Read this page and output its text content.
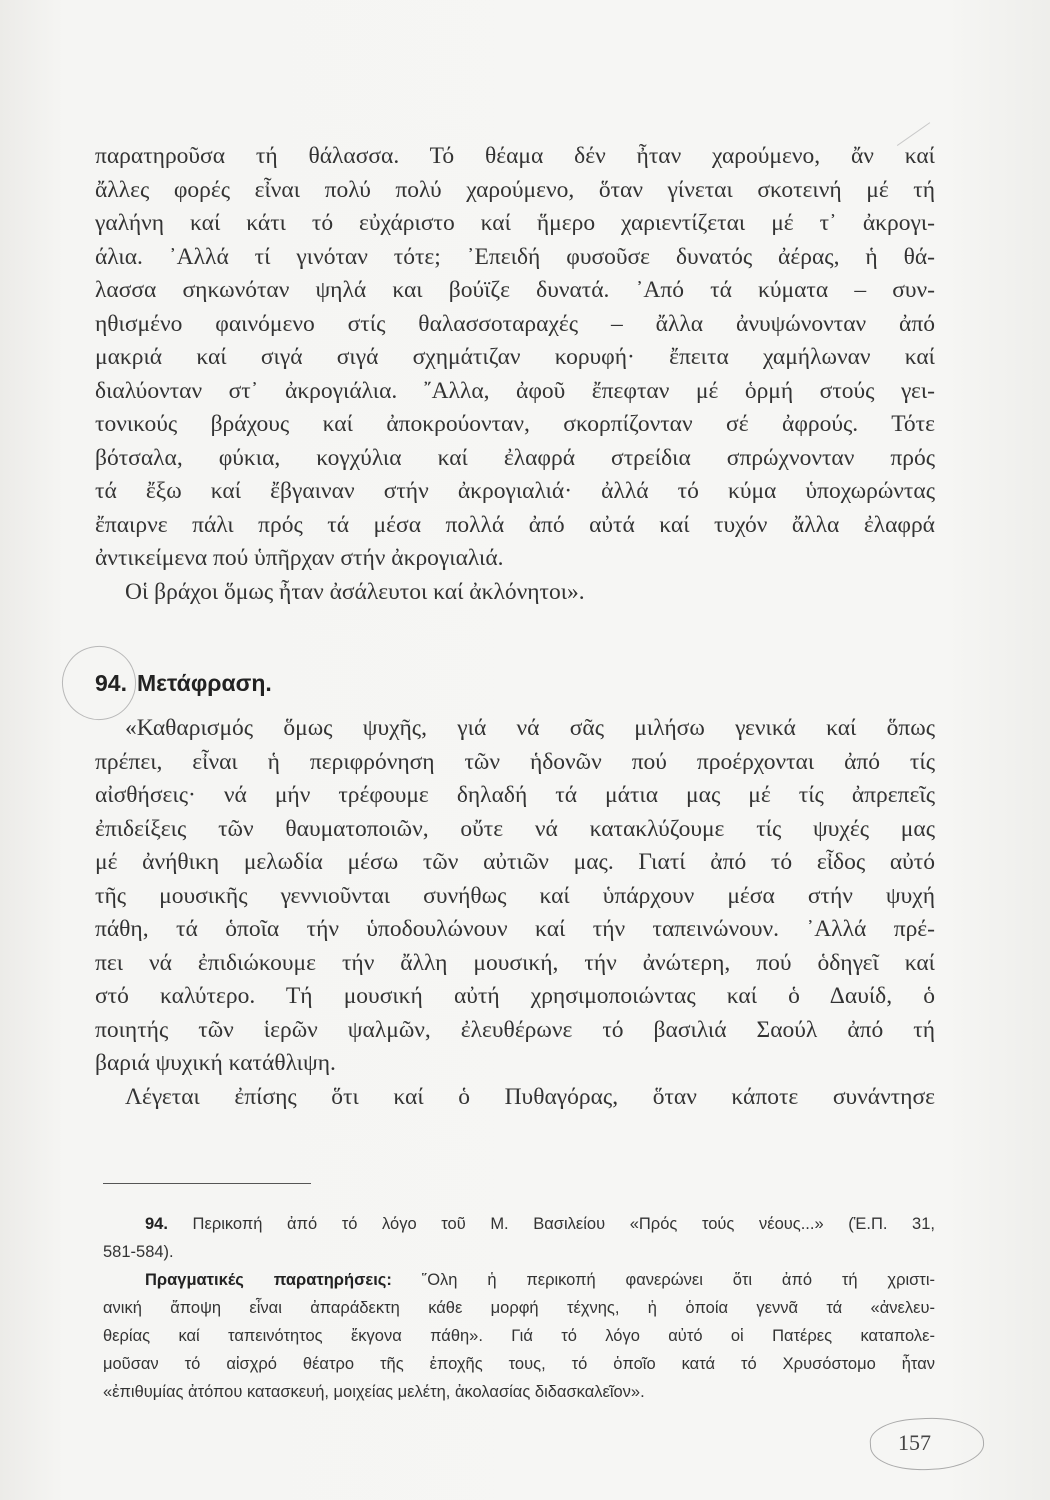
παρατηροῦσα τή θάλασσα. Τό θέαμα δέν ἦταν χαρούμενο, ἄν καί
ἄλλες φορές εἶναι πολύ πολύ χαρούμενο, ὅταν γίνεται σκοτεινή μέ τή
γαλήνη καί κάτι τό εὐχάριστο καί ἥμερο χαριεντίζεται μέ τ᾽ ἀκρογι-
άλια. ᾽Αλλά τί γινόταν τότε; ᾽Επειδή φυσοῦσε δυνατός ἀέρας, ἡ θά-
λασσα σηκωνόταν ψηλά και βούϊζε δυνατά. ᾽Από τά κύματα – συν-
ηθισμένο φαινόμενο στίς θαλασσοταραχές – ἄλλα ἀνυψώνονταν ἀπό
μακριά καί σιγά σιγά σχημάτιζαν κορυφή· ἔπειτα χαμήλωναν καί
διαλύονταν στ᾽ ἀκρογιάλια. ῎Αλλα, ἀφοῦ ἔπεφταν μέ ὁρμή στούς γει-
τονικούς βράχους καί ἀποκρούονταν, σκορπίζονταν σέ ἀφρούς. Τότε
βότσαλα, φύκια, κογχύλια καί ἐλαφρά στρείδια σπρώχνονταν πρός
τά ἔξω καί ἔβγαιναν στήν ἀκρογιαλιά· ἀλλά τό κύμα ὑποχωρώντας
ἔπαιρνε πάλι πρός τά μέσα πολλά ἀπό αὐτά καί τυχόν ἄλλα ἐλαφρά
ἀντικείμενα πού ὑπῆρχαν στήν ἀκρογιαλιά.

Οἱ βράχοι ὅμως ἦταν ἀσάλευτοι καί ἀκλόνητοι».

94. Μετάφραση.

«Καθαρισμός ὅμως ψυχῆς, γιά νά σᾶς μιλήσω γενικά καί ὅπως
πρέπει, εἶναι ἡ περιφρόνηση τῶν ἡδονῶν πού προέρχονται ἀπό τίς
αἰσθήσεις· νά μήν τρέφουμε δηλαδή τά μάτια μας μέ τίς ἀπρεπεῖς
ἐπιδείξεις τῶν θαυματοποιῶν, οὔτε νά κατακλύζουμε τίς ψυχές μας
μέ ἀνήθικη μελωδία μέσω τῶν αὐτιῶν μας. Γιατί ἀπό τό εἶδος αὐτό
τῆς μουσικῆς γεννιοῦνται συνήθως καί ὑπάρχουν μέσα στήν ψυχή
πάθη, τά ὁποῖα τήν ὑποδουλώνουν καί τήν ταπεινώνουν. ᾽Αλλά πρέ-
πει νά ἐπιδιώκουμε τήν ἄλλη μουσική, τήν ἀνώτερη, πού ὁδηγεῖ καί
στό καλύτερο. Τή μουσική αὐτή χρησιμοποιώντας καί ὁ Δαυίδ, ὁ
ποιητής τῶν ἱερῶν ψαλμῶν, ἐλευθέρωνε τό βασιλιά Σαούλ ἀπό τή
βαριά ψυχική κατάθλιψη.

Λέγεται ἐπίσης ὅτι καί ὁ Πυθαγόρας, ὅταν κάποτε συνάντησε

94. Περικοπή ἀπό τό λόγο τοῦ Μ. Βασιλείου «Πρός τούς νέους...» (Ἑ.Π. 31,
581-584).
Πραγματικές παρατηρήσεις: ῞Ολη ἡ περικοπή φανερώνει ὅτι ἀπό τή χριστι-
ανική ἄποψη εἶναι ἀπαράδεκτη κάθε μορφή τέχνης, ἡ ὁποία γεννᾶ τά «ἀνελευ-
θερίας καί ταπεινότητος ἔκγονα πάθη». Γιά τό λόγο αὐτό οἱ Πατέρες καταπολε-
μοῦσαν τό αἰσχρό θέατρο τῆς ἐποχῆς τους, τό ὁποῖο κατά τό Χρυσόστομο ἦταν
«ἐπιθυμίας ἀτόπου κατασκευή, μοιχείας μελέτη, ἀκολασίας διδασκαλεῖον».
157
